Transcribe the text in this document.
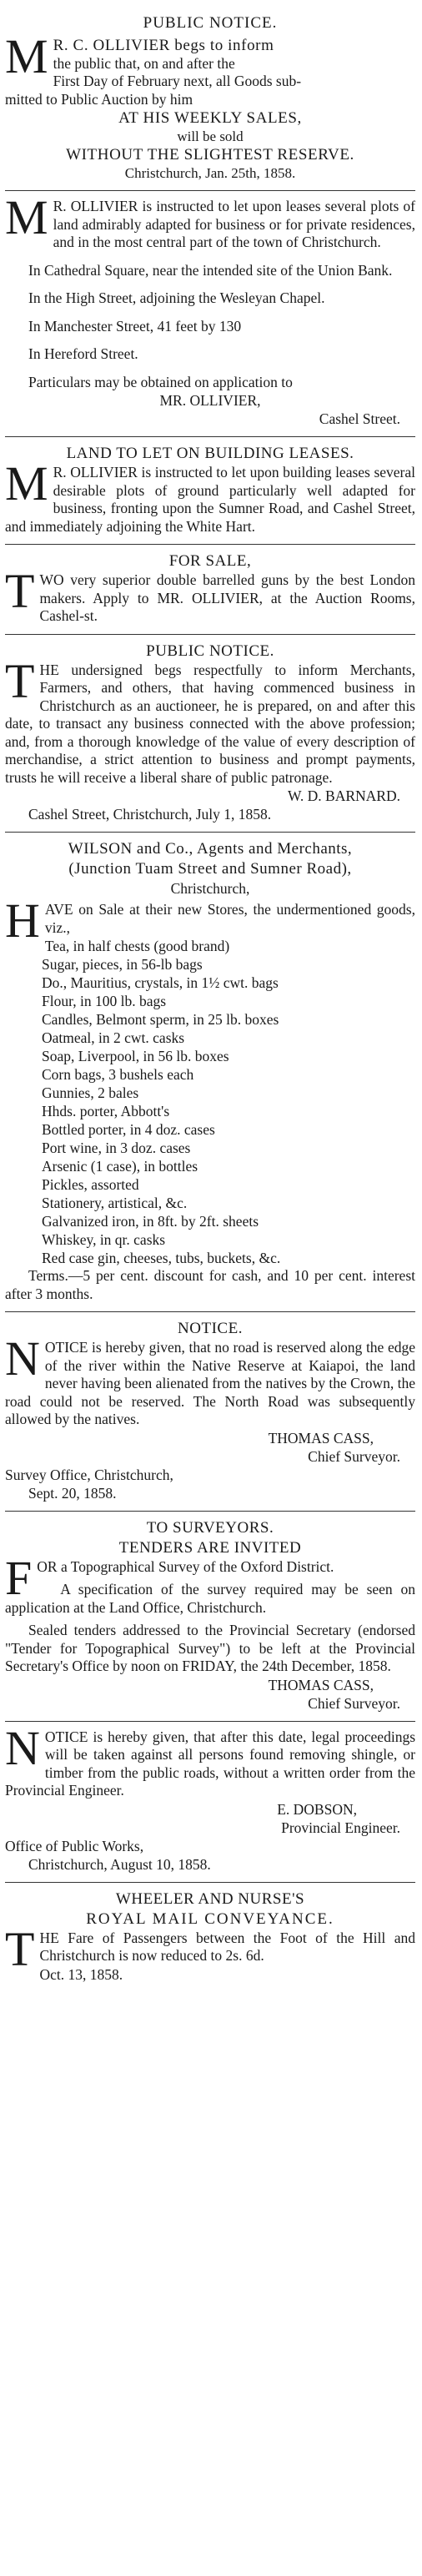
PUBLIC NOTICE.
M R. C. OLLIVIER begs to inform
the public that, on and after the
First Day of February next, all Goods sub-
mitted to Public Auction by him
AT HIS WEEKLY SALES,
will be sold
WITHOUT THE SLIGHTEST RESERVE.
Christchurch, Jan. 25th, 1858.
M R. OLLIVIER is instructed to let upon leases several plots of land admirably adapted for business or for private residences, and in the most central part of the town of Christchurch.

In Cathedral Square, near the intended site of the Union Bank.

In the High Street, adjoining the Wesleyan Chapel.

In Manchester Street, 41 feet by 130

In Hereford Street.

Particulars may be obtained on application to

MR. OLLIVIER,
Cashel Street.
LAND TO LET ON BUILDING LEASES.
M R. OLLIVIER is instructed to let upon building leases several desirable plots of ground particularly well adapted for business, fronting upon the Sumner Road, and Cashel Street, and immediately adjoining the White Hart.

FOR SALE,
T WO very superior double barrelled guns by the best London makers. Apply to MR. OLLIVIER, at the Auction Rooms, Cashel-st.

PUBLIC NOTICE.
T HE undersigned begs respectfully to inform Merchants, Farmers, and others, that having commenced business in Christchurch as an auctioneer, he is prepared, on and after this date, to transact any business connected with the above profession; and, from a thorough knowledge of the value of every description of merchandise, a strict attention to business and prompt payments, trusts he will receive a liberal share of public patronage.

W. D. BARNARD.
Cashel Street, Christchurch, July 1, 1858.
WILSON and Co., Agents and Merchants,
(Junction Tuam Street and Sumner Road),
Christchurch,
H AVE on Sale at their new Stores, the undermentioned goods, viz.,

Tea, in half chests (good brand)
Sugar, pieces, in 56-lb bags
Do., Mauritius, crystals, in 1½ cwt. bags
Flour, in 100 lb. bags
Candles, Belmont sperm, in 25 lb. boxes
Oatmeal, in 2 cwt. casks
Soap, Liverpool, in 56 lb. boxes
Corn bags, 3 bushels each
Gunnies, 2 bales
Hhds. porter, Abbott's
Bottled porter, in 4 doz. cases
Port wine, in 3 doz. cases
Arsenic (1 case), in bottles
Pickles, assorted
Stationery, artistical, &c.
Galvanized iron, in 8ft. by 2ft. sheets
Whiskey, in qr. casks
Red case gin, cheeses, tubs, buckets, &c.

Terms.—5 per cent. discount for cash, and 10 per cent. interest after 3 months.

NOTICE.
N OTICE is hereby given, that no road is reserved along the edge of the river within the Native Reserve at Kaiapoi, the land never having been alienated from the natives by the Crown, the road could not be reserved. The North Road was subsequently allowed by the natives.

THOMAS CASS,
Chief Surveyor.
Survey Office, Christchurch,
Sept. 20, 1858.
TO SURVEYORS.
TENDERS ARE INVITED
F OR a Topographical Survey of the Oxford District.

A specification of the survey required may be seen on application at the Land Office, Christchurch.

Sealed tenders addressed to the Provincial Secretary (endorsed "Tender for Topographical Survey") to be left at the Provincial Secretary's Office by noon on FRIDAY, the 24th December, 1858.

THOMAS CASS,
Chief Surveyor.
N OTICE is hereby given, that after this date, legal proceedings will be taken against all persons found removing shingle, or timber from the public roads, without a written order from the Provincial Engineer.

E. DOBSON,
Provincial Engineer.
Office of Public Works,
Christchurch, August 10, 1858.
WHEELER AND NURSE'S
ROYAL MAIL CONVEYANCE.
T HE Fare of Passengers between the Foot of the Hill and Christchurch is now reduced to 2s. 6d.

Oct. 13, 1858.
